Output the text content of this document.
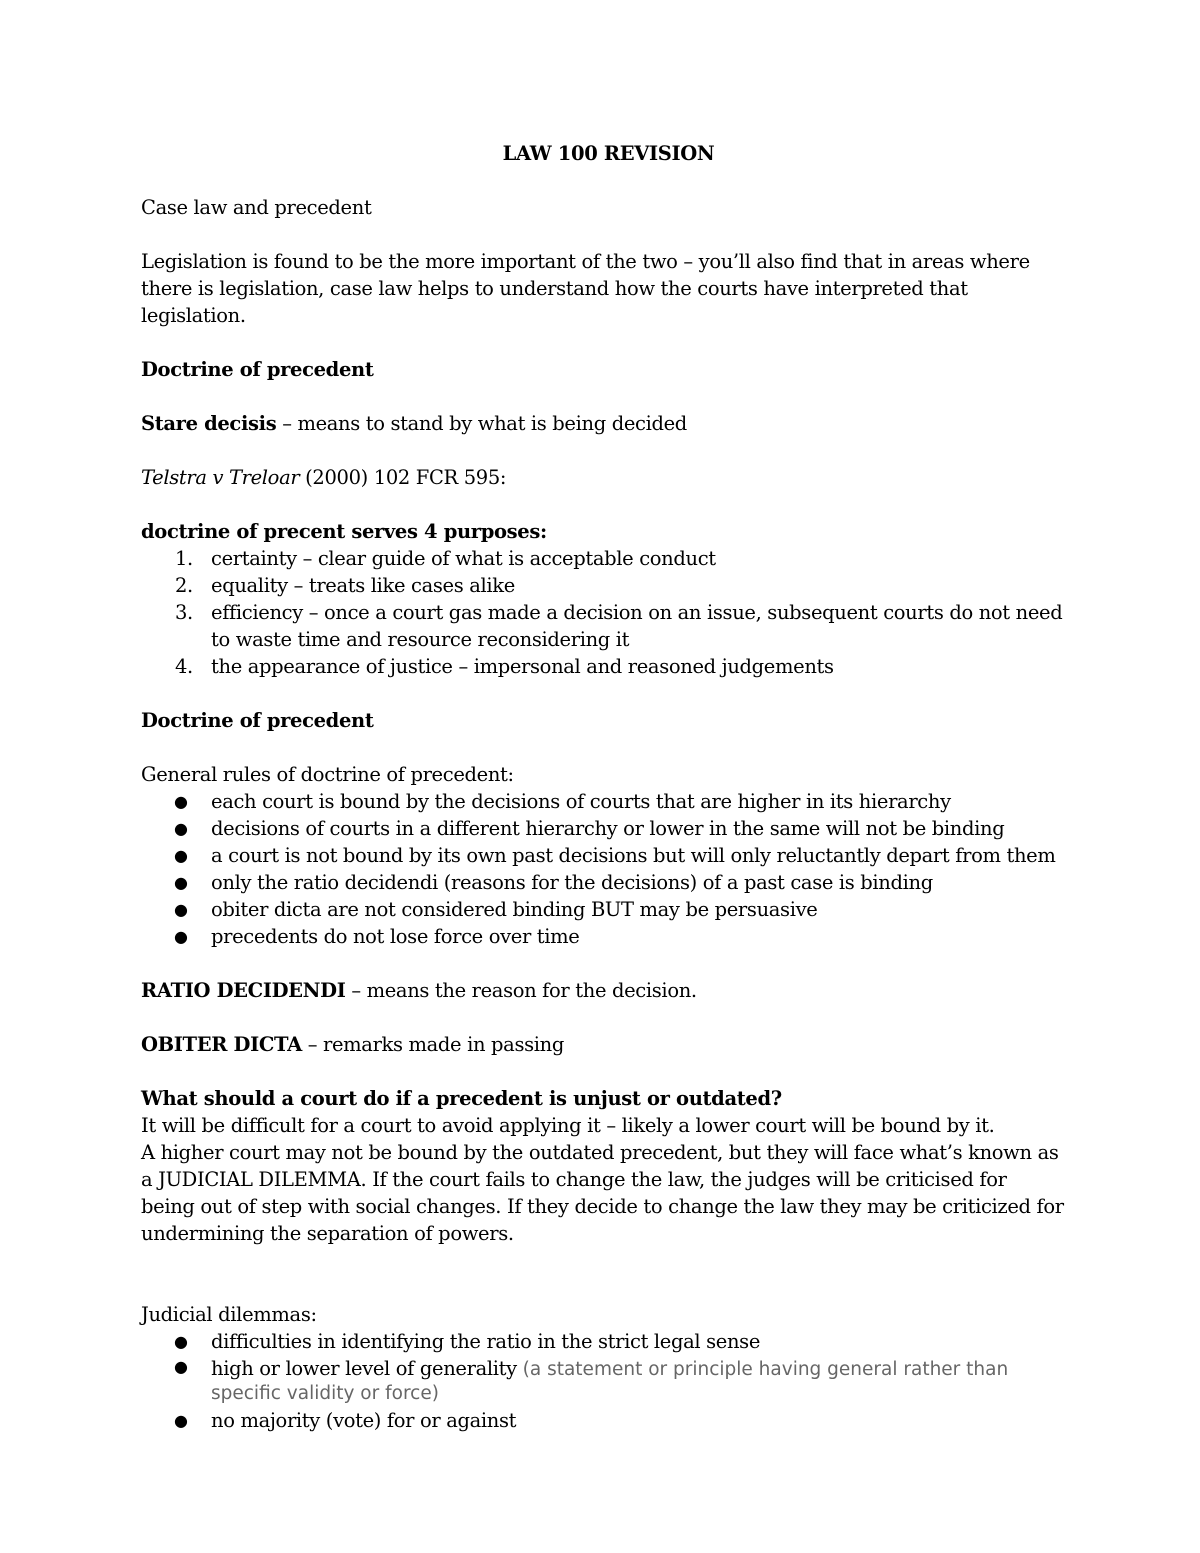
LAW 100 REVISION

Case law and precedent

Legislation is found to be the more important of the two – you’ll also find that in areas where there is legislation, case law helps to understand how the courts have interpreted that legislation.

Doctrine of precedent

Stare decisis – means to stand by what is being decided

Telstra v Treloar (2000) 102 FCR 595:

doctrine of precent serves 4 purposes:

1. certainty – clear guide of what is acceptable conduct
2. equality – treats like cases alike
3. efficiency – once a court gas made a decision on an issue, subsequent courts do not need to waste time and resource reconsidering it
4. the appearance of justice – impersonal and reasoned judgements

Doctrine of precedent

General rules of doctrine of precedent:

● each court is bound by the decisions of courts that are higher in its hierarchy
● decisions of courts in a different hierarchy or lower in the same will not be binding
● a court is not bound by its own past decisions but will only reluctantly depart from them
● only the ratio decidendi (reasons for the decisions) of a past case is binding
● obiter dicta are not considered binding BUT may be persuasive
● precedents do not lose force over time

RATIO DECIDENDI – means the reason for the decision.

OBITER DICTA – remarks made in passing

What should a court do if a precedent is unjust or outdated?

It will be difficult for a court to avoid applying it – likely a lower court will be bound by it.

A higher court may not be bound by the outdated precedent, but they will face what’s known as a JUDICIAL DILEMMA. If the court fails to change the law, the judges will be criticised for being out of step with social changes. If they decide to change the law they may be criticized for undermining the separation of powers.

Judicial dilemmas:

● difficulties in identifying the ratio in the strict legal sense
● high or lower level of generality (a statement or principle having general rather than specific validity or force)
● no majority (vote) for or against
